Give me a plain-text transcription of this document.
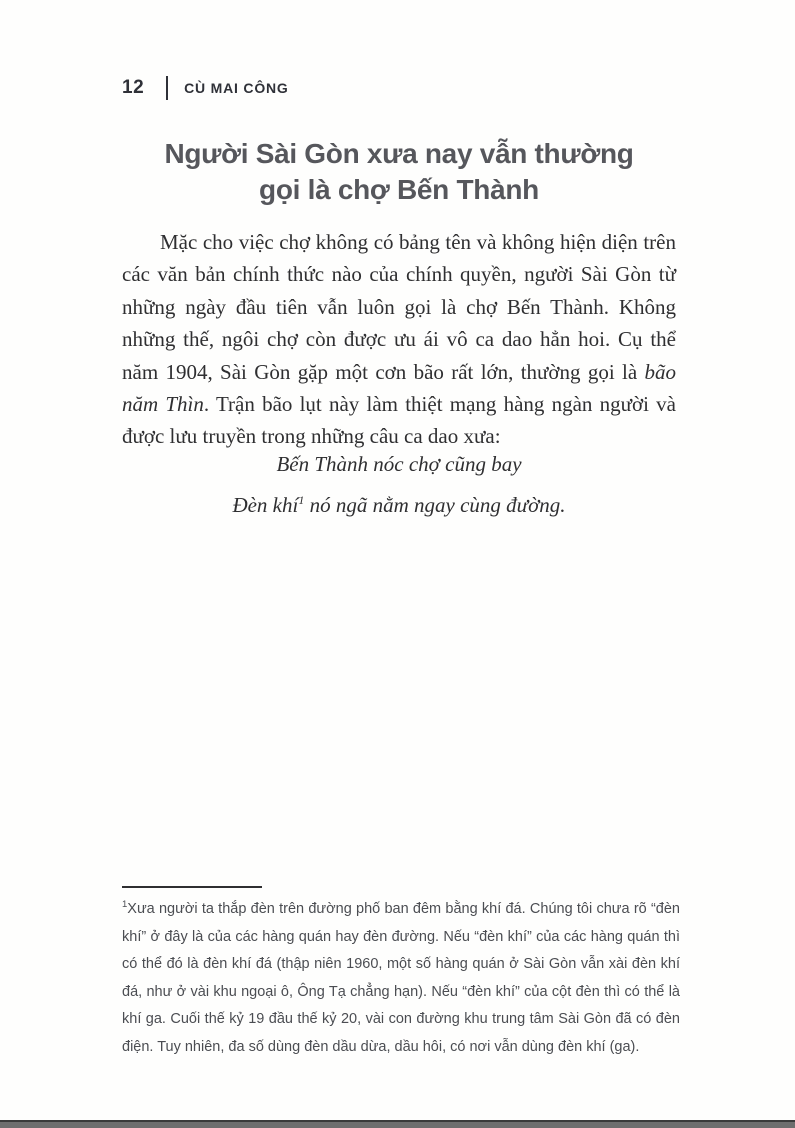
12	CÙ MAI CÔNG
Người Sài Gòn xưa nay vẫn thường
gọi là chợ Bến Thành

Mặc cho việc chợ không có bảng tên và không hiện diện trên các văn bản chính thức nào của chính quyền, người Sài Gòn từ những ngày đầu tiên vẫn luôn gọi là chợ Bến Thành. Không những thế, ngôi chợ còn được ưu ái vô ca dao hẳn hoi. Cụ thể năm 1904, Sài Gòn gặp một cơn bão rất lớn, thường gọi là bão năm Thìn. Trận bão lụt này làm thiệt mạng hàng ngàn người và được lưu truyền trong những câu ca dao xưa:

Bến Thành nóc chợ cũng bay
Đèn khí$^1$ nó ngã nằm ngay cùng đường.

$^1$Xưa người ta thắp đèn trên đường phố ban đêm bằng khí đá. Chúng tôi chưa rõ “đèn khí” ở đây là của các hàng quán hay đèn đường. Nếu “đèn khí” của các hàng quán thì có thể đó là đèn khí đá (thập niên 1960, một số hàng quán ở Sài Gòn vẫn xài đèn khí đá, như ở vài khu ngoại ô, Ông Tạ chẳng hạn). Nếu “đèn khí” của cột đèn thì có thể là khí ga. Cuối thế kỷ 19 đầu thế kỷ 20, vài con đường khu trung tâm Sài Gòn đã có đèn điện. Tuy nhiên, đa số dùng đèn dầu dừa, dầu hôi, có nơi vẫn dùng đèn khí (ga).
